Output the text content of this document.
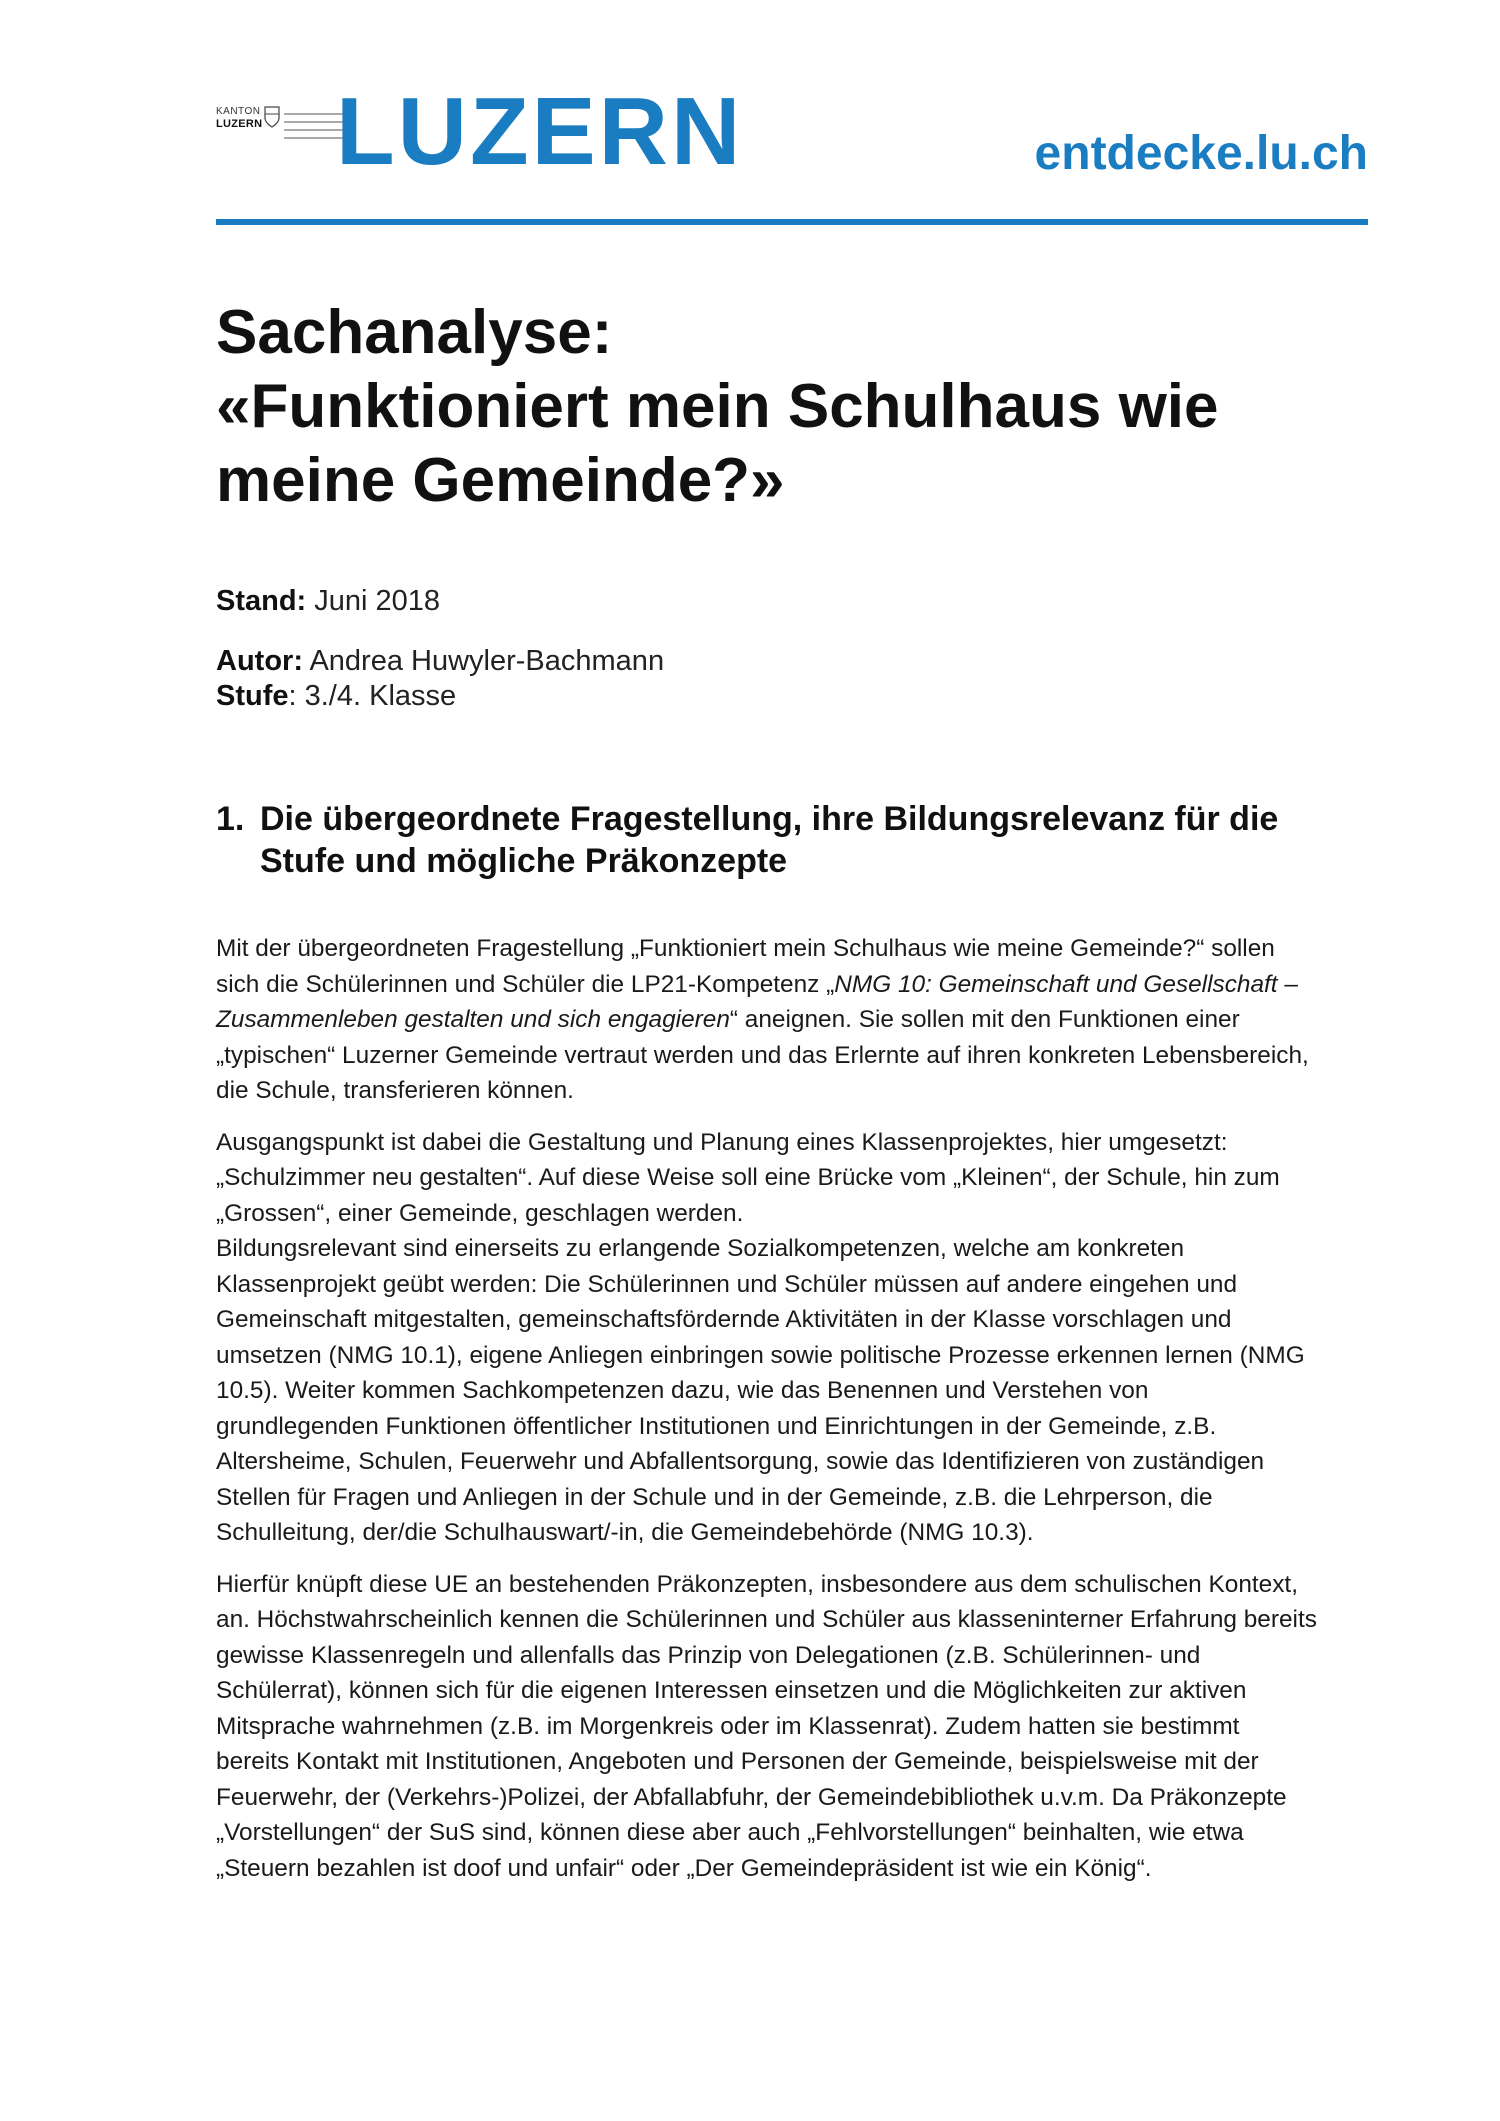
KANTON
LUZERN LUZERN	entdecke.lu.ch
Sachanalyse:
«Funktioniert mein Schulhaus wie
meine Gemeinde?»
Stand: Juni 2018
Autor: Andrea Huwyler-Bachmann
Stufe: 3./4. Klasse
1. Die übergeordnete Fragestellung, ihre Bildungsrelevanz für die
Stufe und mögliche Präkonzepte

Mit der übergeordneten Fragestellung „Funktioniert mein Schulhaus wie meine Gemeinde?“ sollen
sich die Schülerinnen und Schüler die LP21-Kompetenz „NMG 10: Gemeinschaft und Gesellschaft –
Zusammenleben gestalten und sich engagieren“ aneignen. Sie sollen mit den Funktionen einer
„typischen“ Luzerner Gemeinde vertraut werden und das Erlernte auf ihren konkreten Lebensbereich,
die Schule, transferieren können.

Ausgangspunkt ist dabei die Gestaltung und Planung eines Klassenprojektes, hier umgesetzt:
„Schulzimmer neu gestalten“. Auf diese Weise soll eine Brücke vom „Kleinen“, der Schule, hin zum
„Grossen“, einer Gemeinde, geschlagen werden.
Bildungsrelevant sind einerseits zu erlangende Sozialkompetenzen, welche am konkreten
Klassenprojekt geübt werden: Die Schülerinnen und Schüler müssen auf andere eingehen und
Gemeinschaft mitgestalten, gemeinschaftsfördernde Aktivitäten in der Klasse vorschlagen und
umsetzen (NMG 10.1), eigene Anliegen einbringen sowie politische Prozesse erkennen lernen (NMG
10.5). Weiter kommen Sachkompetenzen dazu, wie das Benennen und Verstehen von
grundlegenden Funktionen öffentlicher Institutionen und Einrichtungen in der Gemeinde, z.B.
Altersheime, Schulen, Feuerwehr und Abfallentsorgung, sowie das Identifizieren von zuständigen
Stellen für Fragen und Anliegen in der Schule und in der Gemeinde, z.B. die Lehrperson, die
Schulleitung, der/die Schulhauswart/-in, die Gemeindebehörde (NMG 10.3).

Hierfür knüpft diese UE an bestehenden Präkonzepten, insbesondere aus dem schulischen Kontext,
an. Höchstwahrscheinlich kennen die Schülerinnen und Schüler aus klasseninterner Erfahrung bereits
gewisse Klassenregeln und allenfalls das Prinzip von Delegationen (z.B. Schülerinnen- und
Schülerrat), können sich für die eigenen Interessen einsetzen und die Möglichkeiten zur aktiven
Mitsprache wahrnehmen (z.B. im Morgenkreis oder im Klassenrat). Zudem hatten sie bestimmt
bereits Kontakt mit Institutionen, Angeboten und Personen der Gemeinde, beispielsweise mit der
Feuerwehr, der (Verkehrs-)Polizei, der Abfallabfuhr, der Gemeindebibliothek u.v.m. Da Präkonzepte
„Vorstellungen“ der SuS sind, können diese aber auch „Fehlvorstellungen“ beinhalten, wie etwa
„Steuern bezahlen ist doof und unfair“ oder „Der Gemeindepräsident ist wie ein König“.
